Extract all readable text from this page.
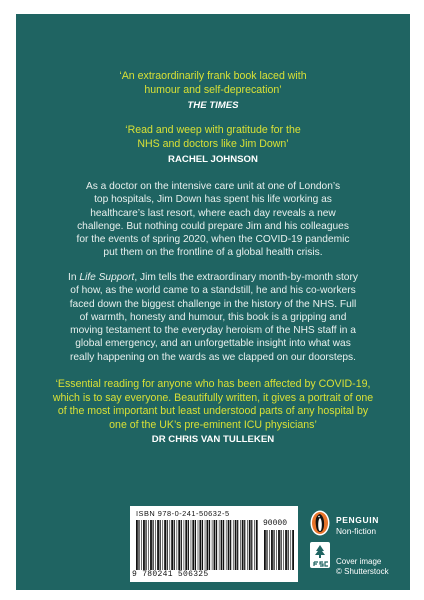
‘An extraordinarily frank book laced with
humour and self-deprecation’

THE TIMES

‘Read and weep with gratitude for the
NHS and doctors like Jim Down’

RACHEL JOHNSON

As a doctor on the intensive care unit at one of London’s
top hospitals, Jim Down has spent his life working as
healthcare’s last resort, where each day reveals a new
challenge. But nothing could prepare Jim and his colleagues
for the events of spring 2020, when the COVID-19 pandemic
put them on the frontline of a global health crisis.

In Life Support, Jim tells the extraordinary month-by-month story
of how, as the world came to a standstill, he and his co-workers
faced down the biggest challenge in the history of the NHS. Full
of warmth, honesty and humour, this book is a gripping and
moving testament to the everyday heroism of the NHS staff in a
global emergency, and an unforgettable insight into what was
really happening on the wards as we clapped on our doorsteps.

‘Essential reading for anyone who has been affected by COVID-19,
which is to say everyone. Beautifully written, it gives a portrait of one
of the most important but least understood parts of any hospital by
one of the UK’s pre-eminent ICU physicians’

DR CHRIS VAN TULLEKEN

ISBN 978-0-241-50632-5
90000
9 780241 506325
PENGUIN
Non-fiction
Cover image
© Shutterstock
